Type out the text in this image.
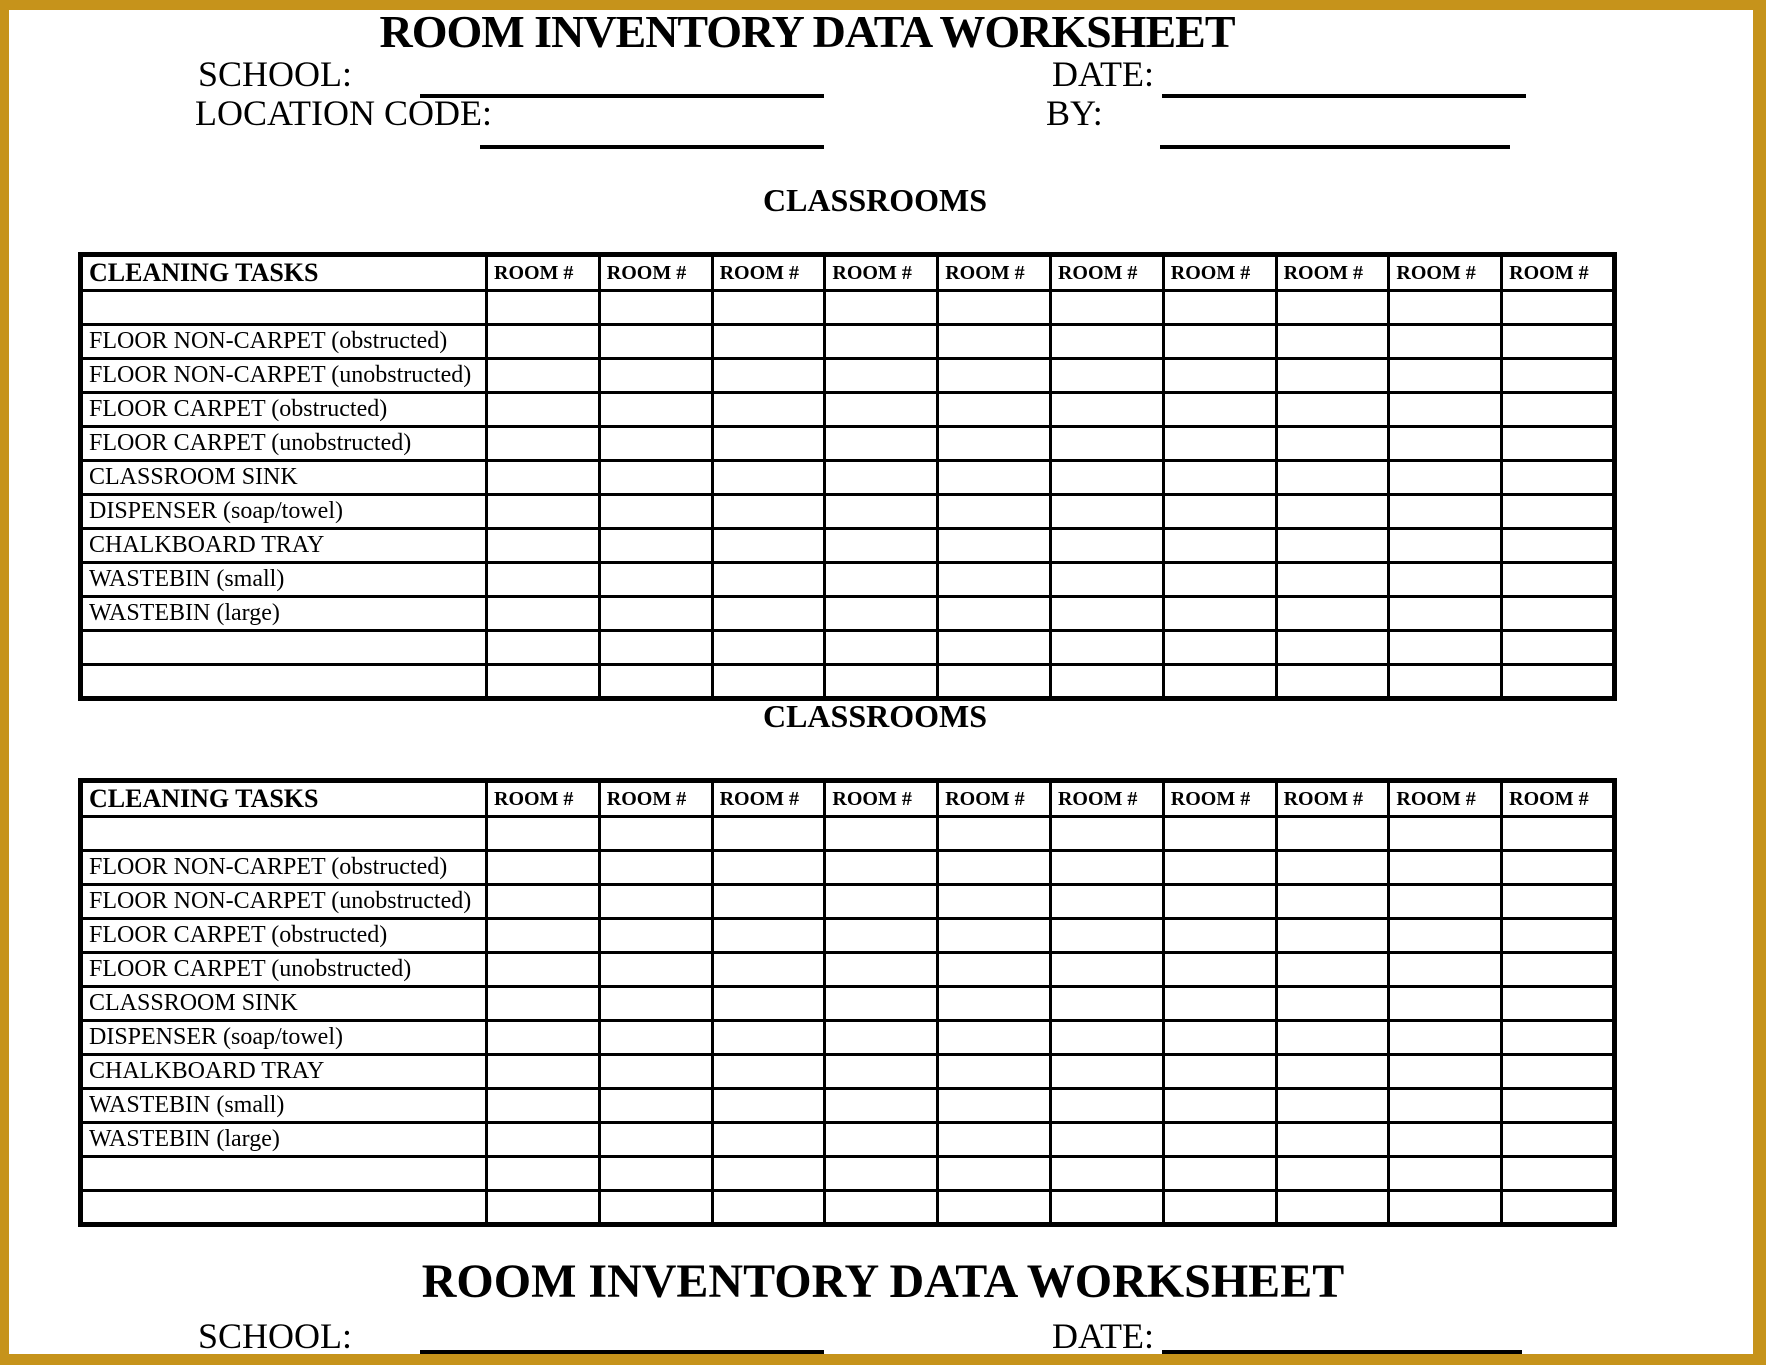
ROOM INVENTORY DATA WORKSHEET
SCHOOL:	DATE:
LOCATION CODE:	BY:
CLASSROOMS
CLEANING TASKS	ROOM #	ROOM #	ROOM #	ROOM #	ROOM #	ROOM #	ROOM #	ROOM #	ROOM #	ROOM #

FLOOR NON-CARPET (obstructed)										
FLOOR NON-CARPET (unobstructed)										
FLOOR CARPET (obstructed)										
FLOOR CARPET (unobstructed)										
CLASSROOM SINK										
DISPENSER (soap/towel)										
CHALKBOARD TRAY										
WASTEBIN (small)										
WASTEBIN (large)										

CLASSROOMS
CLEANING TASKS	ROOM #	ROOM #	ROOM #	ROOM #	ROOM #	ROOM #	ROOM #	ROOM #	ROOM #	ROOM #

FLOOR NON-CARPET (obstructed)										
FLOOR NON-CARPET (unobstructed)										
FLOOR CARPET (obstructed)										
FLOOR CARPET (unobstructed)										
CLASSROOM SINK										
DISPENSER (soap/towel)										
CHALKBOARD TRAY										
WASTEBIN (small)										
WASTEBIN (large)										

ROOM INVENTORY DATA WORKSHEET
SCHOOL:	DATE:
